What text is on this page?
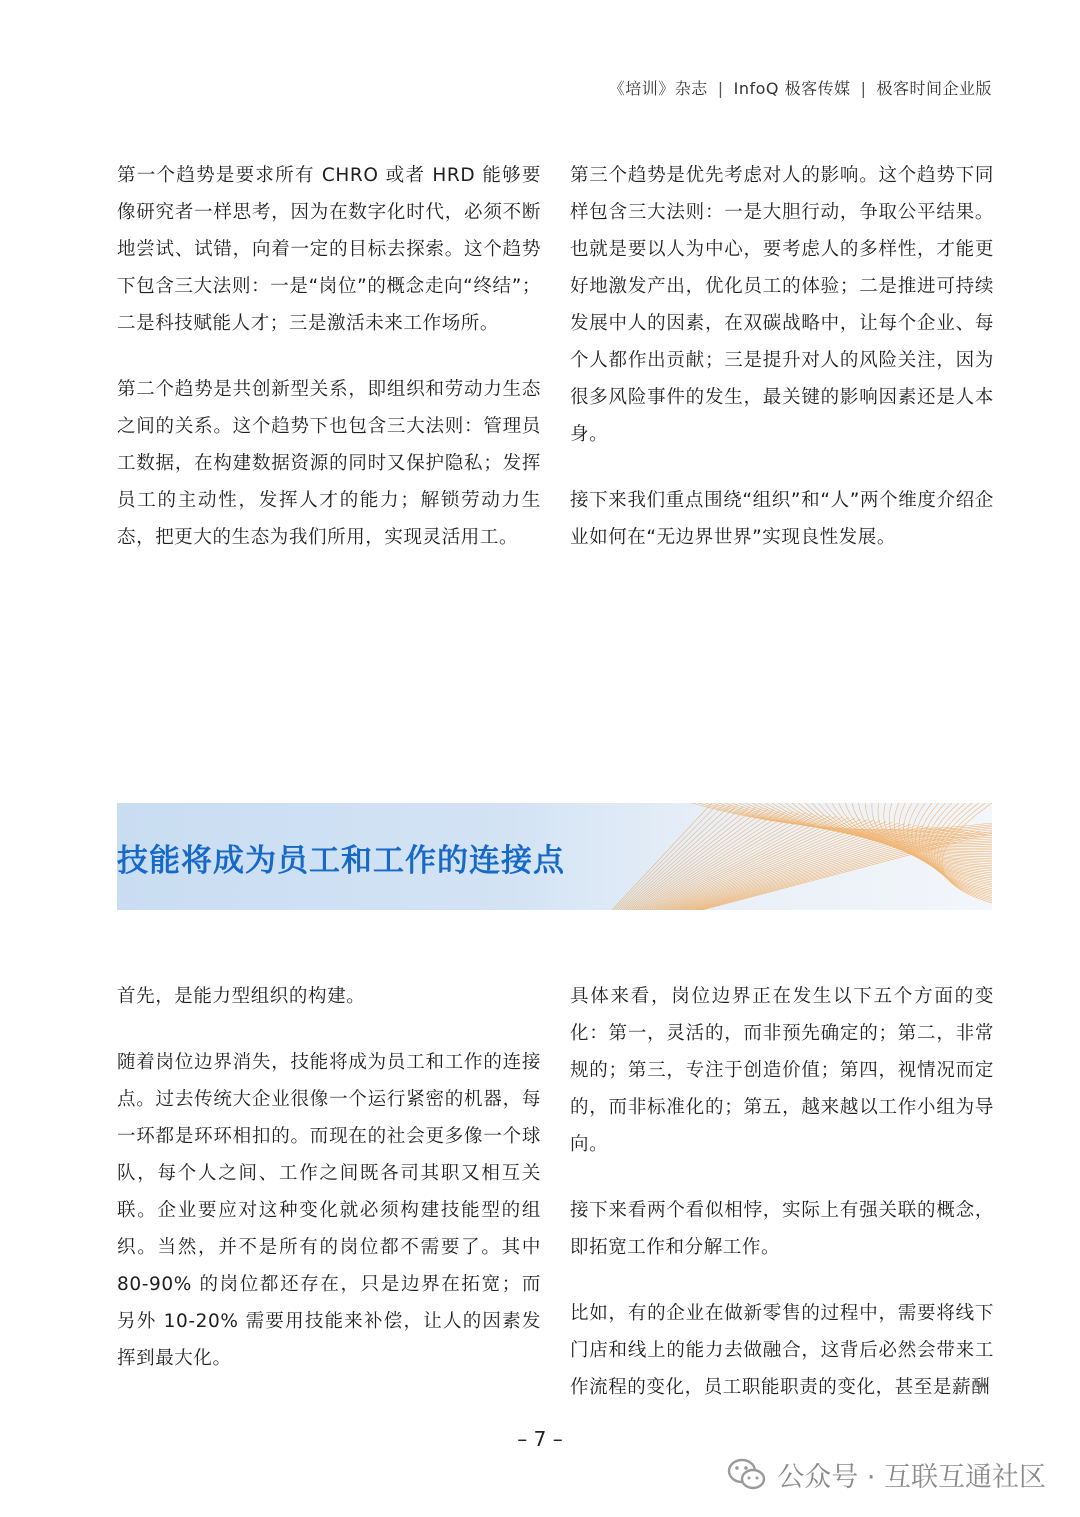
《培训》杂志 | InfoQ 极客传媒 | 极客时间企业版

第一个趋势是要求所有 CHRO 或者 HRD 能够要像研究者一样思考，因为在数字化时代，必须不断地尝试、试错，向着一定的目标去探索。这个趋势下包含三大法则：一是“岗位”的概念走向“终结”；二是科技赋能人才；三是激活未来工作场所。

第二个趋势是共创新型关系，即组织和劳动力生态之间的关系。这个趋势下也包含三大法则：管理员工数据，在构建数据资源的同时又保护隐私；发挥员工的主动性，发挥人才的能力；解锁劳动力生态，把更大的生态为我们所用，实现灵活用工。

第三个趋势是优先考虑对人的影响。这个趋势下同样包含三大法则：一是大胆行动，争取公平结果。也就是要以人为中心，要考虑人的多样性，才能更好地激发产出，优化员工的体验；二是推进可持续发展中人的因素，在双碳战略中，让每个企业、每个人都作出贡献；三是提升对人的风险关注，因为很多风险事件的发生，最关键的影响因素还是人本身。

接下来我们重点围绕“组织”和“人”两个维度介绍企业如何在“无边界世界”实现良性发展。

技能将成为员工和工作的连接点

首先，是能力型组织的构建。

随着岗位边界消失，技能将成为员工和工作的连接点。过去传统大企业很像一个运行紧密的机器，每一环都是环环相扣的。而现在的社会更多像一个球队，每个人之间、工作之间既各司其职又相互关联。企业要应对这种变化就必须构建技能型的组织。当然，并不是所有的岗位都不需要了。其中 80-90% 的岗位都还存在，只是边界在拓宽；而另外 10-20% 需要用技能来补偿，让人的因素发挥到最大化。

具体来看，岗位边界正在发生以下五个方面的变化：第一，灵活的，而非预先确定的；第二，非常规的；第三，专注于创造价值；第四，视情况而定的，而非标准化的；第五，越来越以工作小组为导向。

接下来看两个看似相悖，实际上有强关联的概念，即拓宽工作和分解工作。

比如，有的企业在做新零售的过程中，需要将线下门店和线上的能力去做融合，这背后必然会带来工作流程的变化，员工职能职责的变化，甚至是薪酬

– 7 –
公众号 · 互联互通社区
